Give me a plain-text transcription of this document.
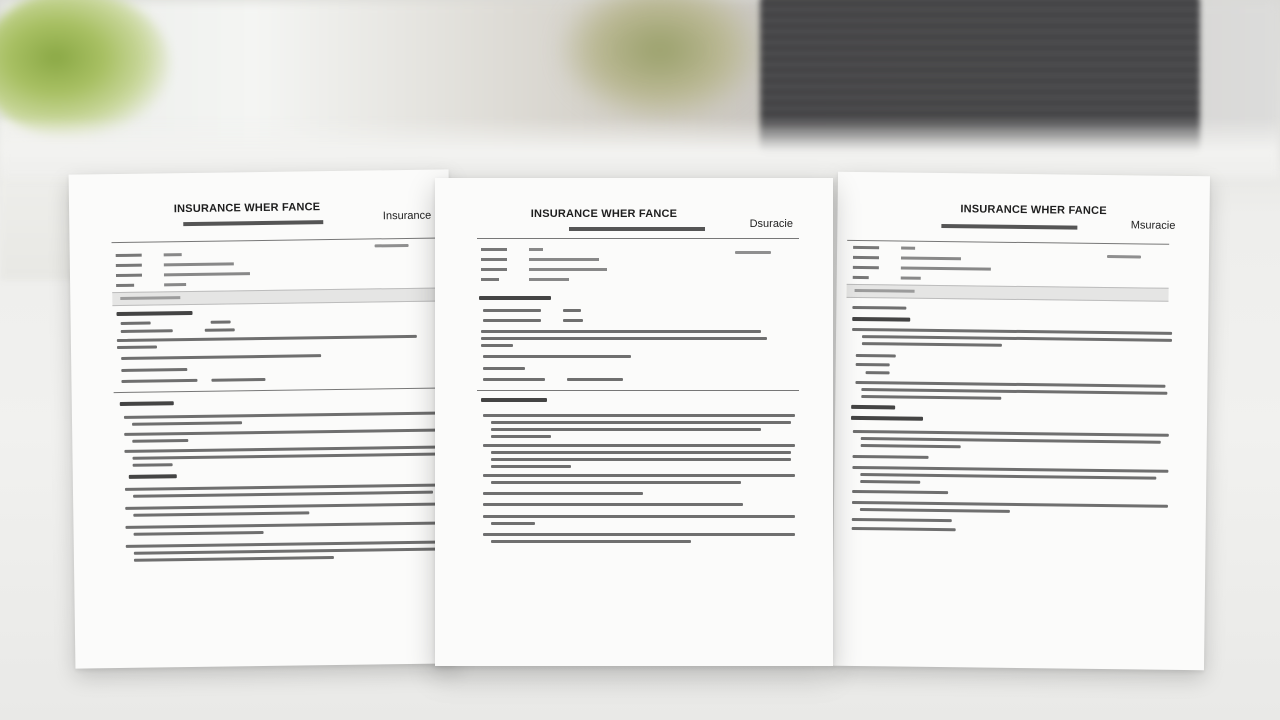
INSURANCE WHER FANCE
Insurance	INSURANCE WHER FANCE
Msuracie
INSURANCE WHER FANCE
Dsuracie
